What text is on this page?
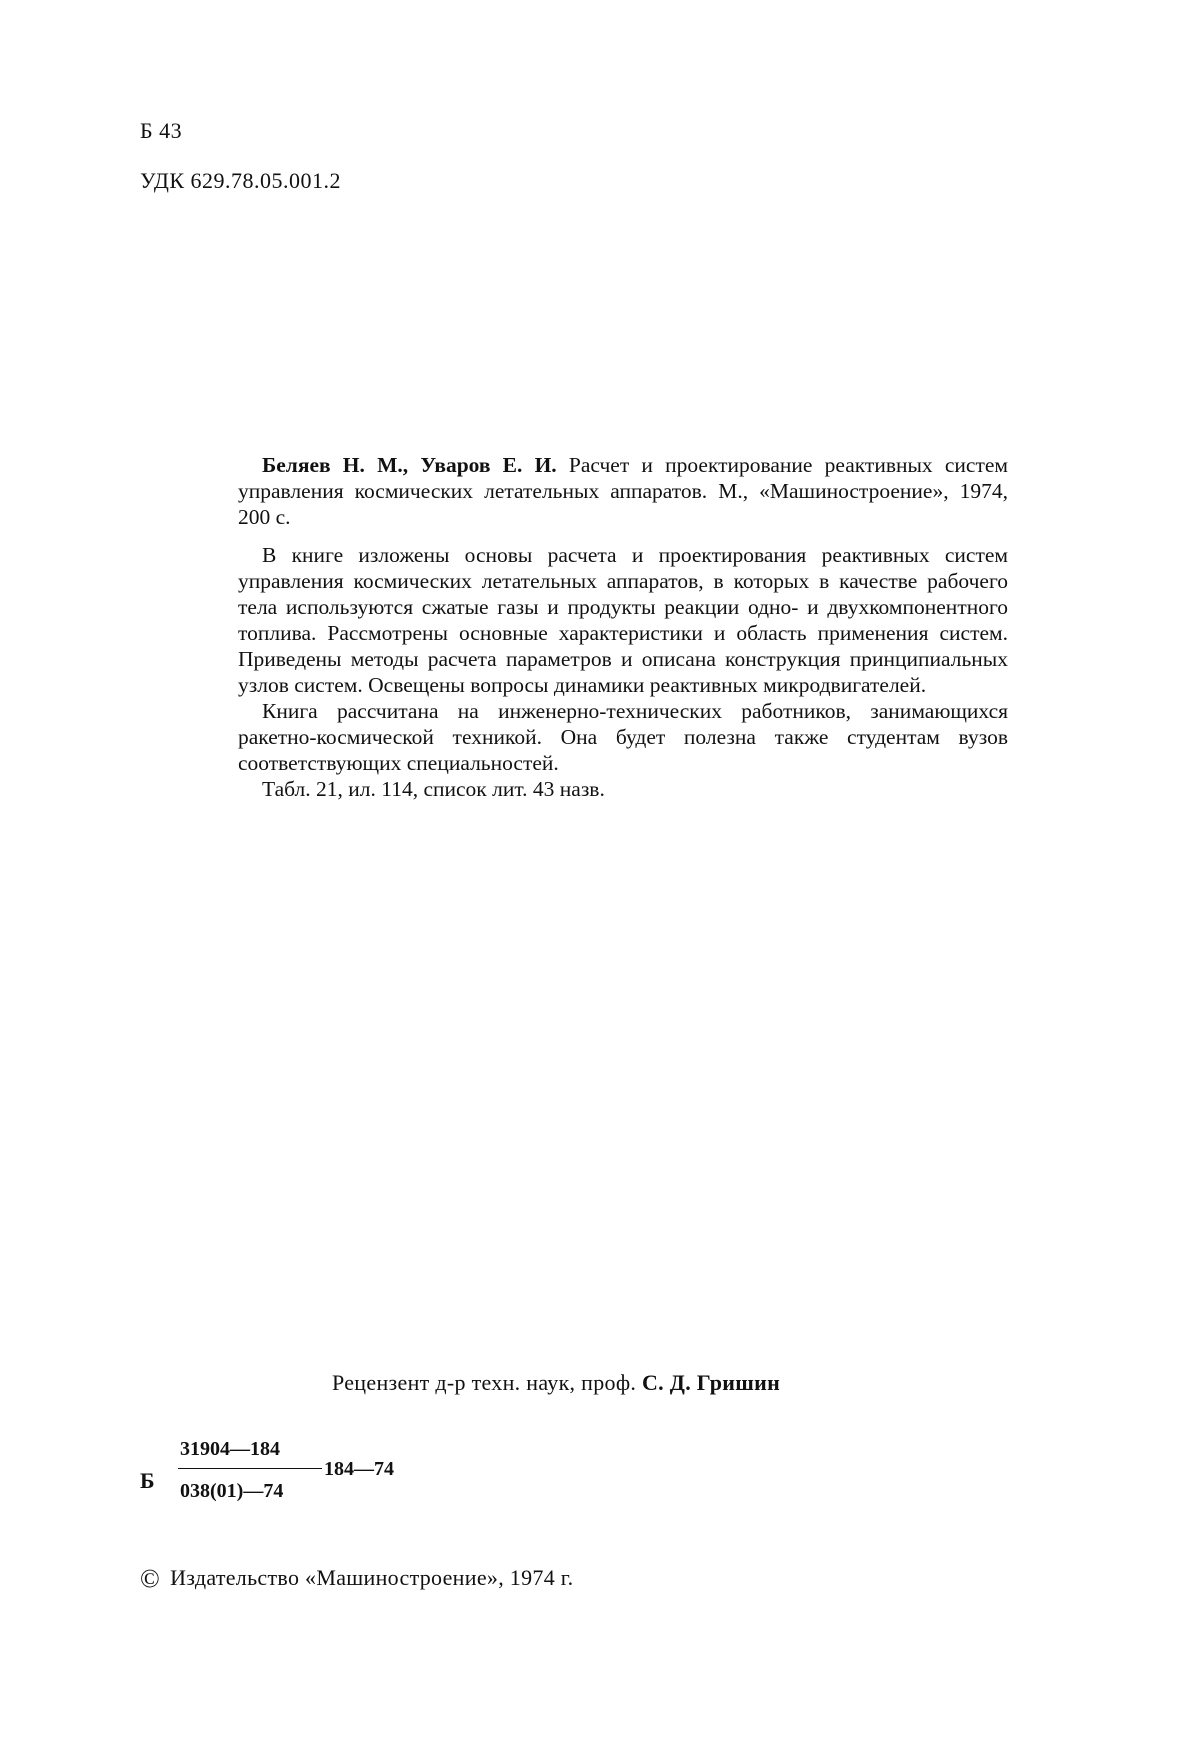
Б 43
УДК 629.78.05.001.2

Беляев Н. М., Уваров Е. И. Расчет и проектирование реактивных систем управления космических летательных аппаратов. М., «Машиностроение», 1974, 200 с.

В книге изложены основы расчета и проектирования реактивных систем управления космических летательных аппаратов, в которых в качестве рабочего тела используются сжатые газы и продукты реакции одно- и двухкомпонентного топлива. Рассмотрены основные характеристики и область применения систем. Приведены методы расчета параметров и описана конструкция принципиальных узлов систем. Освещены вопросы динамики реактивных микродвигателей.

Книга рассчитана на инженерно-технических работников, занимающихся ракетно-космической техникой. Она будет полезна также студентам вузов соответствующих специальностей.

Табл. 21, ил. 114, список лит. 43 назв.

Рецензент д-р техн. наук, проф. С. Д. Гришин
Б
31904—184
038(01)—74
184—74
© Издательство «Машиностроение», 1974 г.
